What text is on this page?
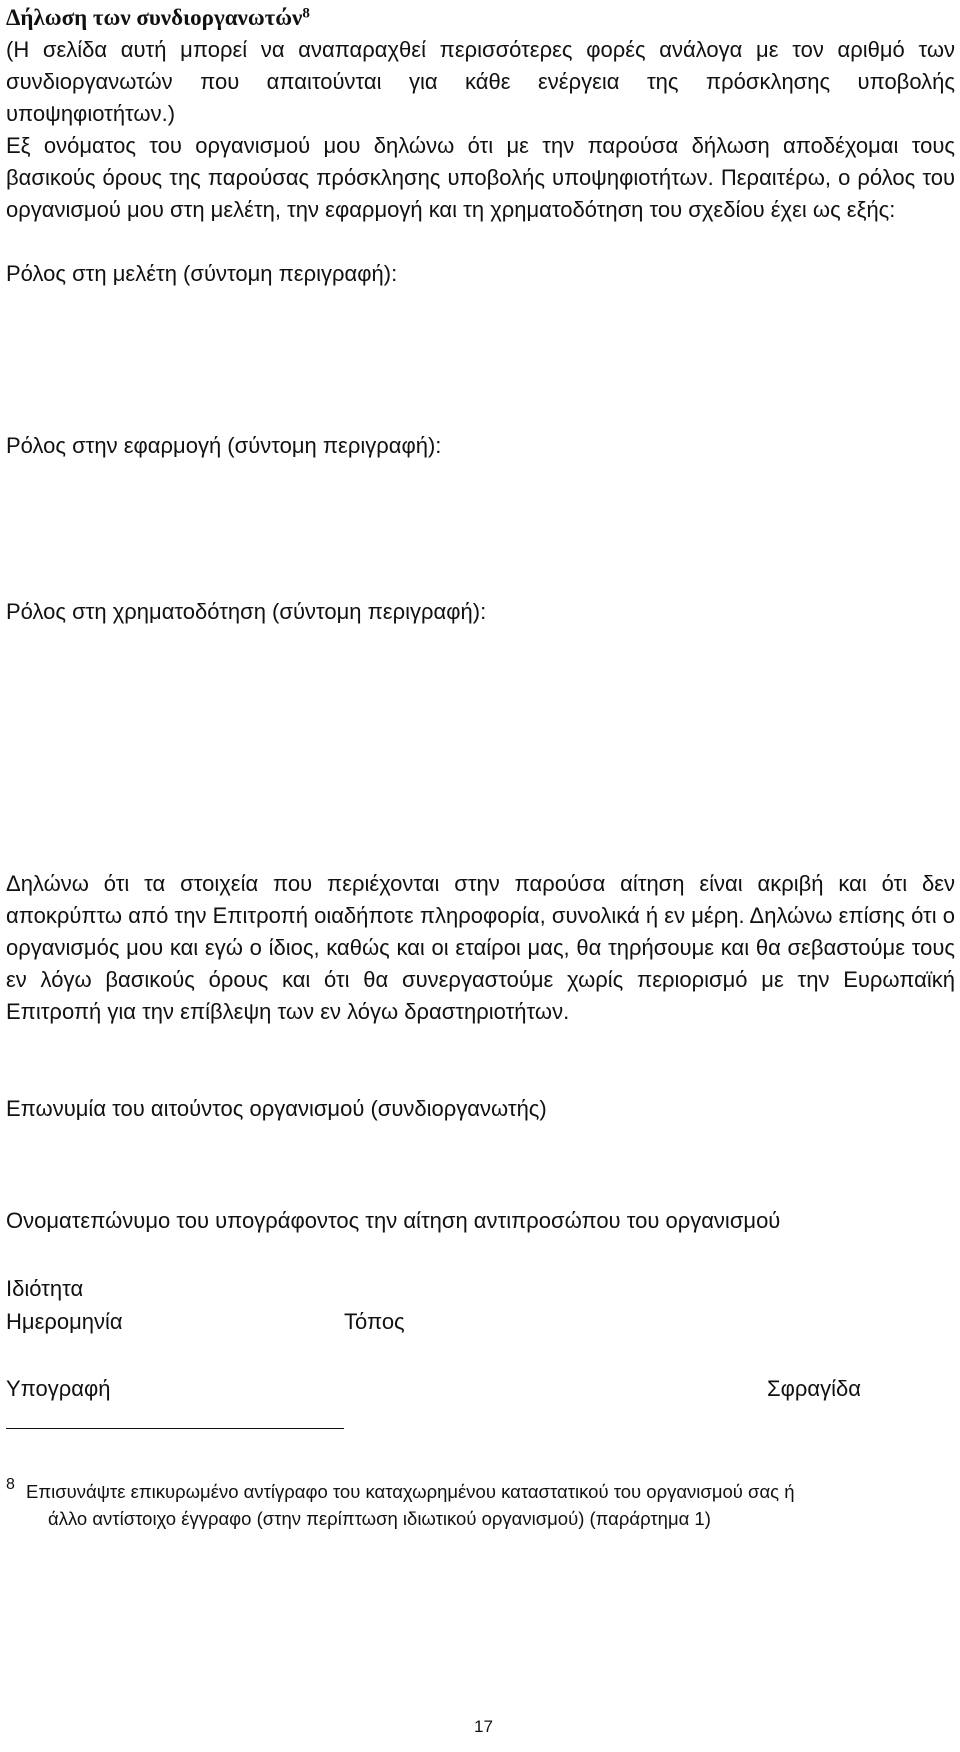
Δήλωση των συνδιοργανωτών$^8$

(Η σελίδα αυτή μπορεί να αναπαραχθεί περισσότερες φορές ανάλογα με τον αριθμό των συνδιοργανωτών που απαιτούνται για κάθε ενέργεια της πρόσκλησης υποβολής υποψηφιοτήτων.)

Εξ ονόματος του οργανισμού μου δηλώνω ότι με την παρούσα δήλωση αποδέχομαι τους βασικούς όρους της παρούσας πρόσκλησης υποβολής υποψηφιοτήτων. Περαιτέρω, ο ρόλος του οργανισμού μου στη μελέτη, την εφαρμογή και τη χρηματοδότηση του σχεδίου έχει ως εξής:

Ρόλος στη μελέτη (σύντομη περιγραφή):

Ρόλος στην εφαρμογή (σύντομη περιγραφή):

Ρόλος στη χρηματοδότηση (σύντομη περιγραφή):

Δηλώνω ότι τα στοιχεία που περιέχονται στην παρούσα αίτηση είναι ακριβή και ότι δεν αποκρύπτω από την Επιτροπή οιαδήποτε πληροφορία, συνολικά ή εν μέρη. Δηλώνω επίσης ότι ο οργανισμός μου και εγώ ο ίδιος, καθώς και οι εταίροι μας, θα τηρήσουμε και θα σεβαστούμε τους εν λόγω βασικούς όρους και ότι θα συνεργαστούμε χωρίς περιορισμό με την Ευρωπαϊκή Επιτροπή για την επίβλεψη των εν λόγω δραστηριοτήτων.

Επωνυμία του αιτούντος οργανισμού (συνδιοργανωτής)

Ονοματεπώνυμο του υπογράφοντος την αίτηση αντιπροσώπου του οργανισμού

Ιδιότητα

Ημερομηνία	Τόπος

Υπογραφή	Σφραγίδα

8 Επισυνάψτε επικυρωμένο αντίγραφο του καταχωρημένου καταστατικού του οργανισμού σας ή
άλλο αντίστοιχο έγγραφο (στην περίπτωση ιδιωτικού οργανισμού) (παράρτημα 1)
17
